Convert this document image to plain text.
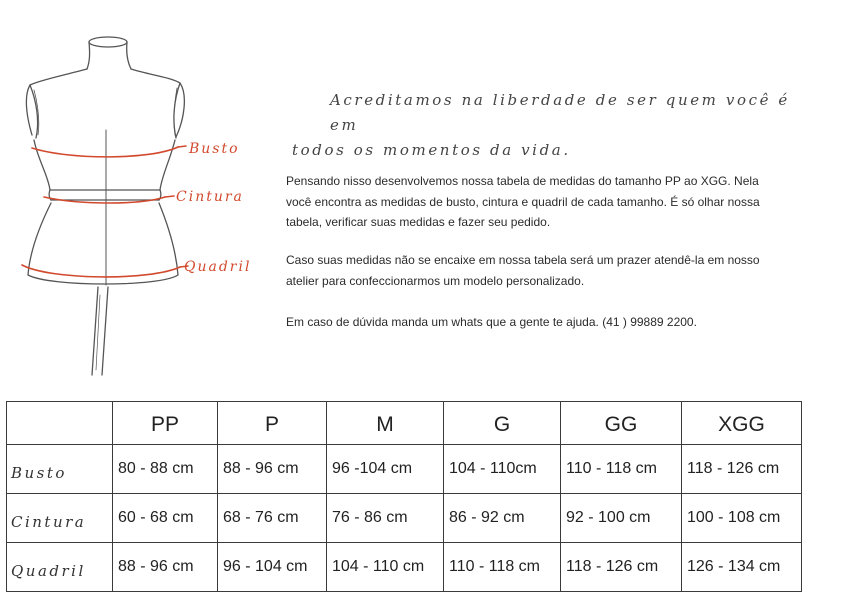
Busto
Cintura
Quadril
Acreditamos na liberdade de ser quem você é em
todos os momentos da vida.

Pensando nisso desenvolvemos nossa tabela de medidas do tamanho PP ao XGG. Nela você encontra as medidas de busto, cintura e quadril de cada tamanho. É só olhar nossa tabela, verificar suas medidas e fazer seu pedido.

Caso suas medidas não se encaixe em nossa tabela será um prazer atendê-la em nosso atelier para confeccionarmos um modelo personalizado.

Em caso de dúvida manda um whats que a gente te ajuda. (41 ) 99889 2200.

	PP	P	M	G	GG	XGG
Busto	80 - 88 cm	88 - 96 cm	96 -104 cm	104 - 110cm	110 - 118 cm	118 - 126 cm
Cintura	60 - 68 cm	68 - 76 cm	76 - 86 cm	86 - 92 cm	92 - 100 cm	100 - 108 cm
Quadril	88 - 96 cm	96 - 104 cm	104 - 110 cm	110 - 118 cm	118 - 126 cm	126 - 134 cm
